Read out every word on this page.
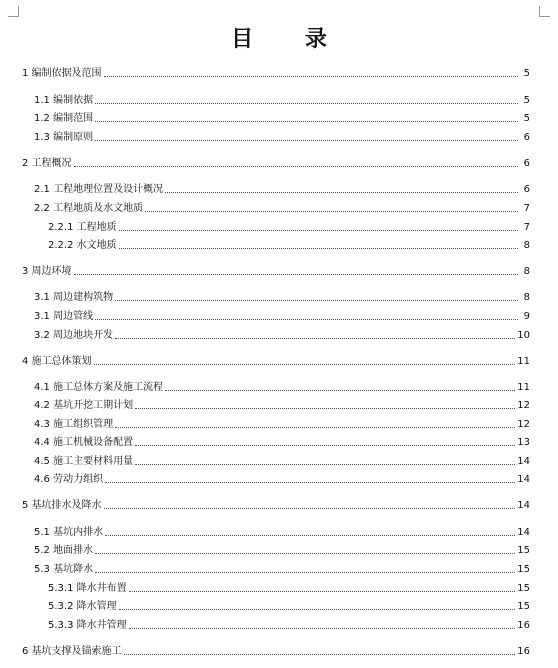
目 录
1 编制依据及范围	5
1.1 编制依据	5
1.2 编制范围	5
1.3 编制原则	6
2 工程概况	6
2.1 工程地理位置及设计概况	6
2.2 工程地质及水文地质	7
2.2.1 工程地质	7
2.2.2 水文地质	8
3 周边环境	8
3.1 周边建构筑物	8
3.1 周边管线	9
3.2 周边地块开发	10
4 施工总体策划	11
4.1 施工总体方案及施工流程	11
4.2 基坑开挖工期计划	12
4.3 施工组织管理	12
4.4 施工机械设备配置	13
4.5 施工主要材料用量	14
4.6 劳动力组织	14
5 基坑排水及降水	14
5.1 基坑内排水	14
5.2 地面排水	15
5.3 基坑降水	15
5.3.1 降水井布置	15
5.3.2 降水管理	15
5.3.3 降水井管理	16
6 基坑支撑及锚索施工	16
